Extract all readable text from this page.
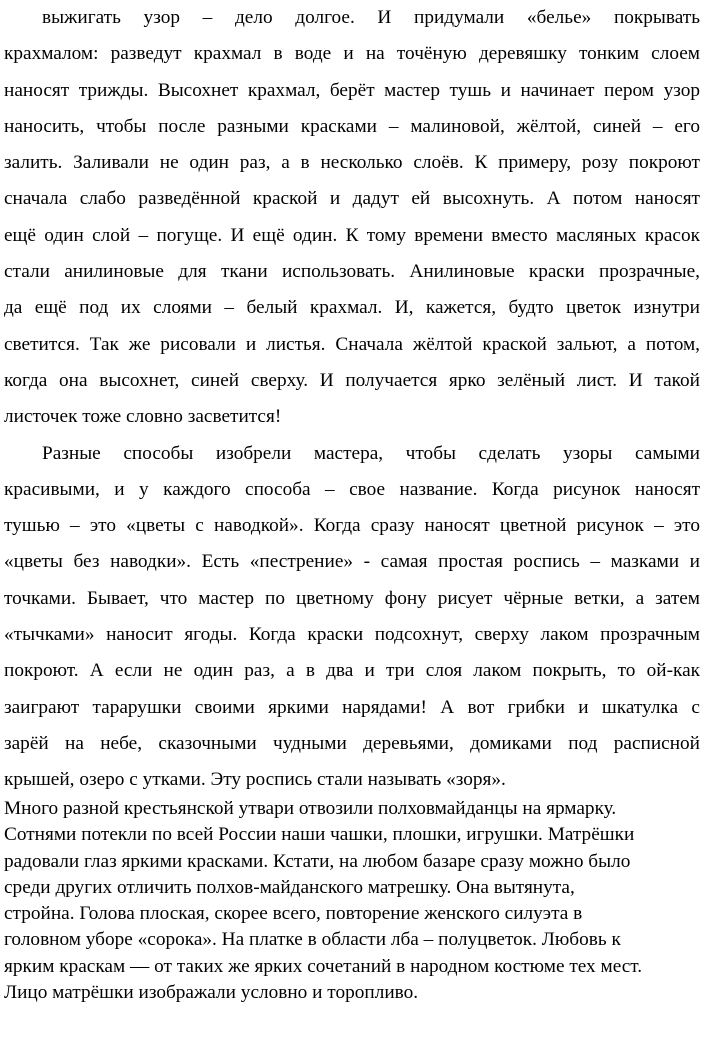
выжигать узор – дело долгое. И придумали «белье» покрывать
крахмалом: разведут крахмал в воде и на точёную деревяшку тонким слоем
наносят трижды. Высохнет крахмал, берёт мастер тушь и начинает пером узор
наносить, чтобы после разными красками – малиновой, жёлтой, синей – его
залить. Заливали не один раз, а в несколько слоёв. К примеру, розу покроют
сначала слабо разведённой краской и дадут ей высохнуть. А потом наносят
ещё один слой – погуще. И ещё один. К тому времени вместо масляных красок
стали анилиновые для ткани использовать. Анилиновые краски прозрачные,
да ещё под их слоями – белый крахмал. И, кажется, будто цветок изнутри
светится. Так же рисовали и листья. Сначала жёлтой краской зальют, а потом,
когда она высохнет, синей сверху. И получается ярко зелёный лист. И такой
листочек тоже словно засветится!
Разные способы изобрели мастера, чтобы сделать узоры самыми
красивыми, и у каждого способа – свое название. Когда рисунок наносят
тушью – это «цветы с наводкой». Когда сразу наносят цветной рисунок – это
«цветы без наводки». Есть «пестрение» - самая простая роспись – мазками и
точками. Бывает, что мастер по цветному фону рисует чёрные ветки, а затем
«тычками» наносит ягоды. Когда краски подсохнут, сверху лаком прозрачным
покроют. А если не один раз, а в два и три слоя лаком покрыть, то ой-как
заиграют тарарушки своими яркими нарядами! А вот грибки и шкатулка с
зарёй на небе, сказочными чудными деревьями, домиками под расписной
крышей, озеро с утками. Эту роспись стали называть «зоря».
Много разной крестьянской утвари отвозили полховмайданцы на ярмарку.
Сотнями потекли по всей России наши чашки, плошки, игрушки. Матрёшки
радовали глаз яркими красками. Кстати, на любом базаре сразу можно было
среди других отличить полхов-майданского матрешку. Она вытянута,
стройна. Голова плоская, скорее всего, повторение женского силуэта в
головном уборе «сорока». На платке в области лба – полуцветок. Любовь к
ярким краскам — от таких же ярких сочетаний в народном костюме тех мест.
Лицо матрёшки изображали условно и торопливо.
